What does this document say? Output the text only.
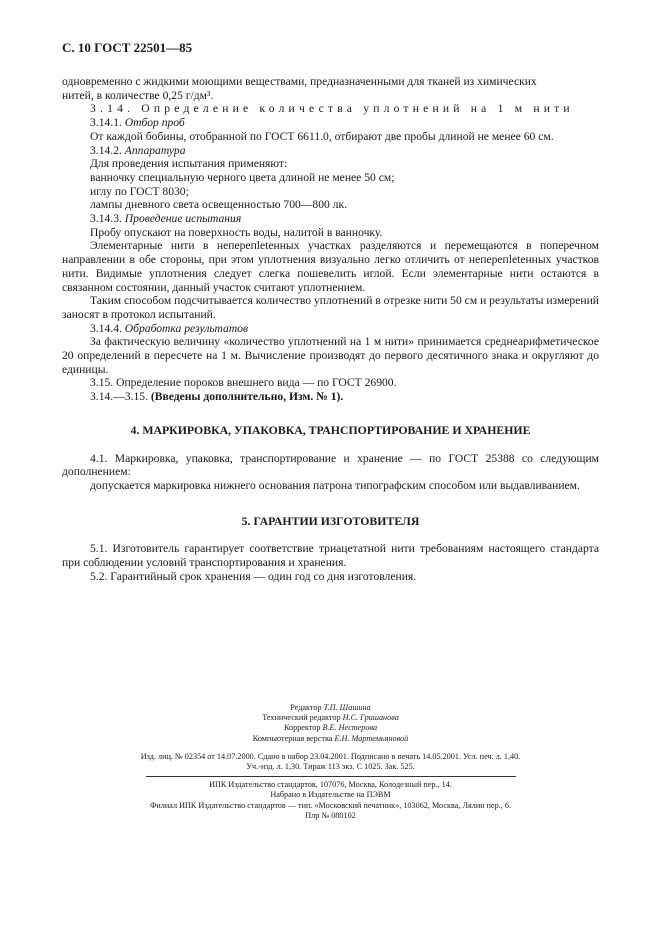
С. 10 ГОСТ 22501—85

одновременно с жидкими моющими веществами, предназначенными для тканей из химических
нитей, в количестве 0,25 г/дм³.

3.14. Определение количества уплотнений на 1 м нити

3.14.1. Отбор проб

От каждой бобины, отобранной по ГОСТ 6611.0, отбирают две пробы длиной не менее 60 см.

3.14.2. Аппаратура

Для проведения испытания применяют:

ванночку специальную черного цвета длиной не менее 50 см;

иглу по ГОСТ 8030;

лампы дневного света освещенностью 700—800 лк.

3.14.3. Проведение испытания

Пробу опускают на поверхность воды, налитой в ванночку.

Элементарные нити в неперепletенных участках разделяются и перемещаются в поперечном направлении в обе стороны, при этом уплотнения визуально легко отличить от неперепletенных участков нити. Видимые уплотнения следует слегка пошевелить иглой. Если элементарные нити остаются в связанном состоянии, данный участок считают уплотнением.

Таким способом подсчитывается количество уплотнений в отрезке нити 50 см и результаты измерений заносят в протокол испытаний.

3.14.4. Обработка результатов

За фактическую величину «количество уплотнений на 1 м нити» принимается среднеарифметическое 20 определений в пересчете на 1 м. Вычисление производят до первого десятичного знака и округляют до единицы.

3.15. Определение пороков внешнего вида — по ГОСТ 26900.

3.14.—3.15. (Введены дополнительно, Изм. № 1).

4. МАРКИРОВКА, УПАКОВКА, ТРАНСПОРТИРОВАНИЕ И ХРАНЕНИЕ

4.1. Маркировка, упаковка, транспортирование и хранение — по ГОСТ 25388 со следующим дополнением:

допускается маркировка нижнего основания патрона типографским способом или выдавливанием.

5. ГАРАНТИИ ИЗГОТОВИТЕЛЯ

5.1. Изготовитель гарантирует соответствие триацетатной нити требованиям настоящего стандарта при соблюдении условий транспортирования и хранения.

5.2. Гарантийный срок хранения — один год со дня изготовления.

Редактор Т.П. Шашина
Технический редактор Н.С. Гришанова
Корректор В.Е. Нестерова
Компьютерная верстка Е.Н. Мартемьяновой
Изд. лиц. № 02354 от 14.07.2000. Сдано в набор 23.04.2001. Подписано в печать 14.05.2001. Усл. печ. л. 1,40.
Уч.-изд. л. 1,30. Тираж 113 экз. С 1025. Зак. 525.
ИПК Издательство стандартов, 107076, Москва, Колодезный пер., 14.
Набрано в Издательстве на ПЭВМ
Филиал ИПК Издательство стандартов — тип. «Московский печатник», 103062, Москва, Лялин пер., 6.
Плр № 080102
